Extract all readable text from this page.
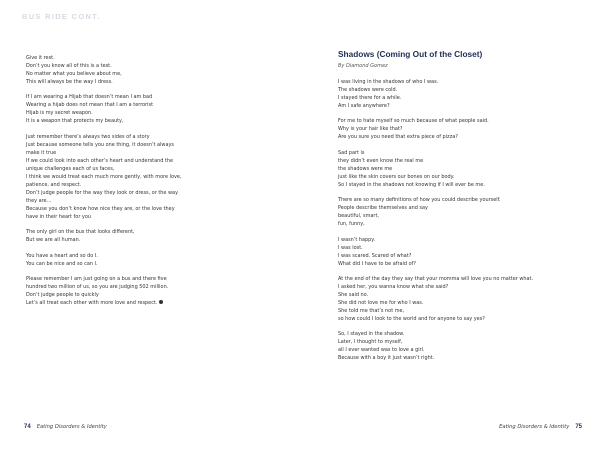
BUS RIDE CONT.
Give it rest.
Don’t you know all of this is a test.
No matter what you believe about me,
This will always be the way I dress.
If I am wearing a Hijab that doesn’t mean I am bad
Wearing a hijab does not mean that I am a terrorist
Hijab is my secret weapon.
It is a weapon that protects my beauty,
Just remember there’s always two sides of a story
Just because someone tells you one thing, it doesn’t always
make it true
If we could look into each other’s heart and understand the
unique challenges each of us faces,
I think we would treat each much more gently, with more love,
patience, and respect.
Don’t judge people for the way they look or dress, or the way
they are…
Because you don’t know how nice they are, or the love they
have in their heart for you
The only girl on the bus that looks different,
But we are all human.
You have a heart and so do I.
You can be nice and so can I.
Please remember I am just going on a bus and there five
hundred two million of us, so you are judging 502 million.
Don’t judge people to quickly
Let’s all treat each other with more love and respect.
74 Eating Disorders & Identity
Shadows (Coming Out of the Closet)
By Diamond Gomez
I was living in the shadows of who I was.
The shadows were cold.
I stayed there for a while.
Am I safe anywhere?
For me to hate myself so much because of what people said.
Why is your hair like that?
Are you sure you need that extra piece of pizza?
Sad part is
they didn’t even know the real me
the shadows were me
just like the skin covers our bones on our body.
So I stayed in the shadows not knowing if I will ever be me.
There are so many definitions of how you could describe yourself.
People describe themselves and say
beautiful, smart,
fun, funny,
I wasn’t happy.
I was lost.
I was scared. Scared of what?
What did I have to be afraid of?
At the end of the day they say that your momma will love you no matter what.
I asked her, you wanna know what she said?
She said no.
She did not love me for who I was.
She told me that’s not me,
so how could I look to the world and for anyone to say yes?
So, I stayed in the shadow.
Later, I thought to myself,
all I ever wanted was to love a girl.
Because with a boy it just wasn’t right.
Eating Disorders & Identity 75
